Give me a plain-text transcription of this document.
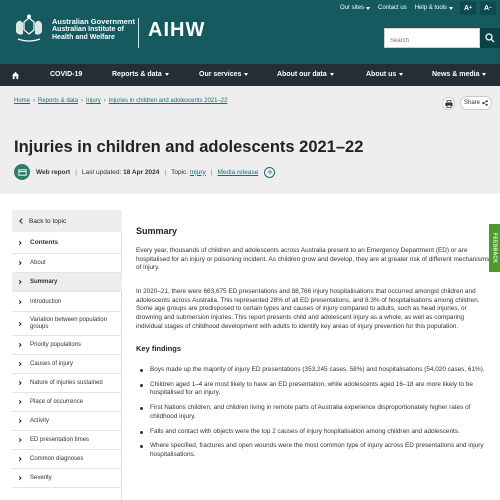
Australian Government
Australian Institute of
Health and Welfare	AIHW
Our sites Contact us Help & tools A + A −
Search
COVID-19	Reports & data	Our services	About our data	About us	News & media
Home › Reports & data › Injury › Injuries in children and adolescents 2021–22	Share
Injuries in children and adolescents 2021–22
Web report | Last updated:
18 Apr 2024 | Topic:
Injury | Media release
Back to topic
Contents
About
Summary
Introduction
Variation between population groups
Priority populations
Causes of injury
Nature of injuries sustained
Place of occurrence
Activity
ED presentation times
Common diagnoses
Severity
Summary

Every year, thousands of children and adolescents across Australia present to an Emergency Department (ED) or are hospitalised for an injury or poisoning incident. As children grow and develop, they are at greater risk of different mechanisms of injury.

In 2020–21, there were 663,675 ED presentations and 88,766 injury hospitalisations that occurred amongst children and adolescents across Australia. This represented 28% of all ED presentations, and 8.3% of hospitalisations among children. Some age groups are predisposed to certain types and causes of injury compared to adults, such as head injuries, or drowning and submersion injuries. This report presents child and adolescent injury as a whole, as well as comparing individual stages of childhood development with adults to identify key areas of injury prevention for this population.

Key findings
Boys made up the majority of injury ED presentations (353,245 cases, 58%) and hospitalisations (54,020 cases, 61%).
Children aged 1–4 are most likely to have an ED presentation, while adolescents aged 16–18 are more likely to be hospitalised for an injury.
First Nations children, and children living in remote parts of Australia experience disproportionately higher rates of childhood injury.
Falls and contact with objects were the top 2 causes of injury hospitalisation among children and adolescents.
Where specified, fractures and open wounds were the most common type of injury across ED presentations and injury hospitalisations.
FEEDBACK
